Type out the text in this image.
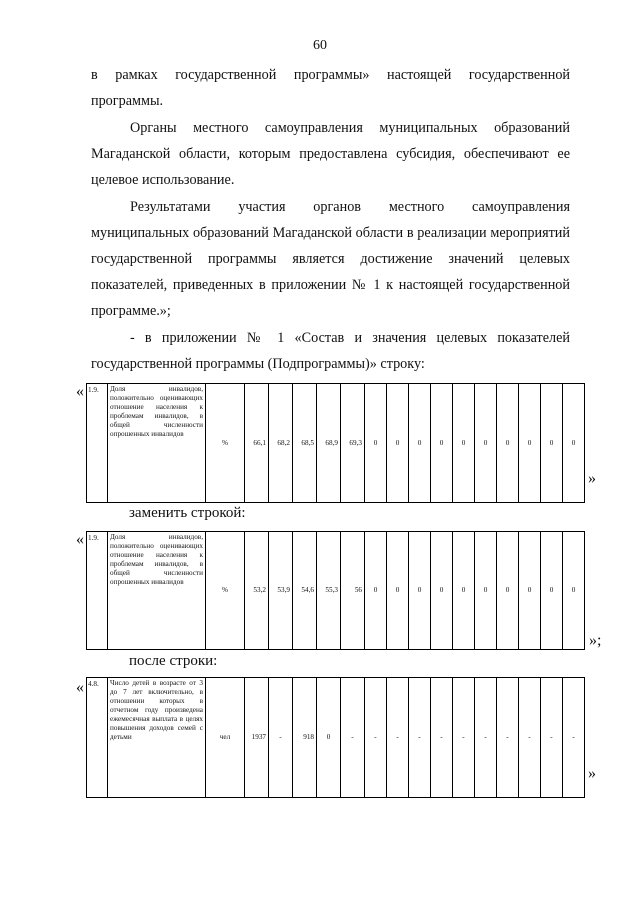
60

в рамках государственной программы» настоящей государственной программы.

Органы местного самоуправления муниципальных образований Магаданской области, которым предоставлена субсидия, обеспечивают ее целевое использование.

Результатами участия органов местного самоуправления муниципальных образований Магаданской области в реализации мероприятий государственной программы является достижение значений целевых показателей, приведенных в приложении № 1 к настоящей государственной программе.»;

- в приложении № 1 «Состав и значения целевых показателей государственной пpoграммы (Подпрограммы)» строку:

« 1.9.	Доля инвалидов, положительно оценивающих отношение населения к проблемам инвалидов, в общей численности опрошенных инвалидов	%	66,1	68,2	68,5	68,9	69,3	0	0	0	0	0	0	0	0	0	0
»
заменить строкой:
« 1.9.	Доля инвалидов, положительно оценивающих отношение населения к проблемам инвалидов, в общей численности опрошенных инвалидов	%	53,2	53,9	54,6	55,3	56	0	0	0	0	0	0	0	0	0	0
»;
после строки:
« 4.8.	Число детей в возрасте от 3 до 7 лет включительно, в отношении которых в отчетном году произведена ежемесячная выплата в целях повышения доходов семей с детьми	чел	1937	-	918	0	-	-	-	-	-	-	-	-	-	-	-
»
